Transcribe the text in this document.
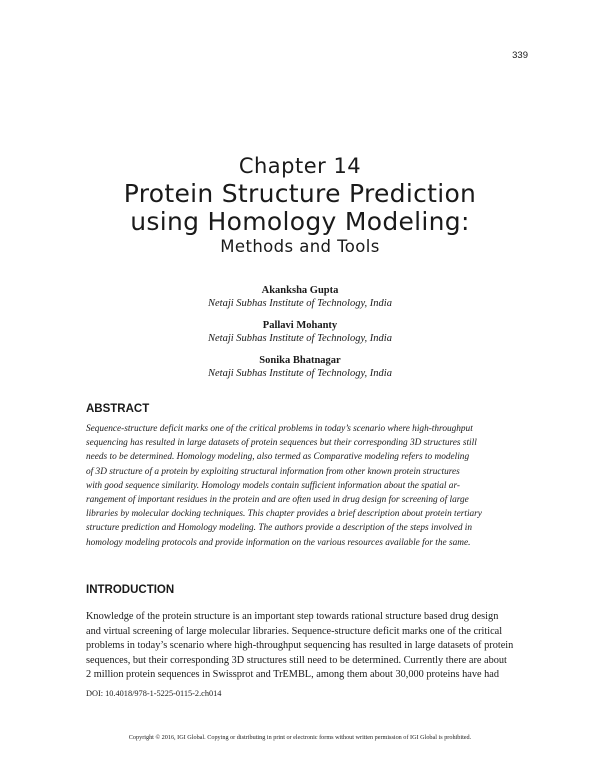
339
Chapter 14
Protein Structure Prediction
using Homology Modeling:
Methods and Tools
Akanksha Gupta
Netaji Subhas Institute of Technology, India
Pallavi Mohanty
Netaji Subhas Institute of Technology, India
Sonika Bhatnagar
Netaji Subhas Institute of Technology, India
ABSTRACT
Sequence-structure deficit marks one of the critical problems in today’s scenario where high-throughput
sequencing has resulted in large datasets of protein sequences but their corresponding 3D structures still
needs to be determined. Homology modeling, also termed as Comparative modeling refers to modeling
of 3D structure of a protein by exploiting structural information from other known protein structures
with good sequence similarity. Homology models contain sufficient information about the spatial ar-
rangement of important residues in the protein and are often used in drug design for screening of large
libraries by molecular docking techniques. This chapter provides a brief description about protein tertiary
structure prediction and Homology modeling. The authors provide a description of the steps involved in
homology modeling protocols and provide information on the various resources available for the same.
INTRODUCTION
Knowledge of the protein structure is an important step towards rational structure based drug design
and virtual screening of large molecular libraries. Sequence-structure deficit marks one of the critical
problems in today’s scenario where high-throughput sequencing has resulted in large datasets of protein
sequences, but their corresponding 3D structures still need to be determined. Currently there are about
2 million protein sequences in Swissprot and TrEMBL, among them about 30,000 proteins have had
DOI: 10.4018/978-1-5225-0115-2.ch014
Copyright © 2016, IGI Global. Copying or distributing in print or electronic forms without written permission of IGI Global is prohibited.
